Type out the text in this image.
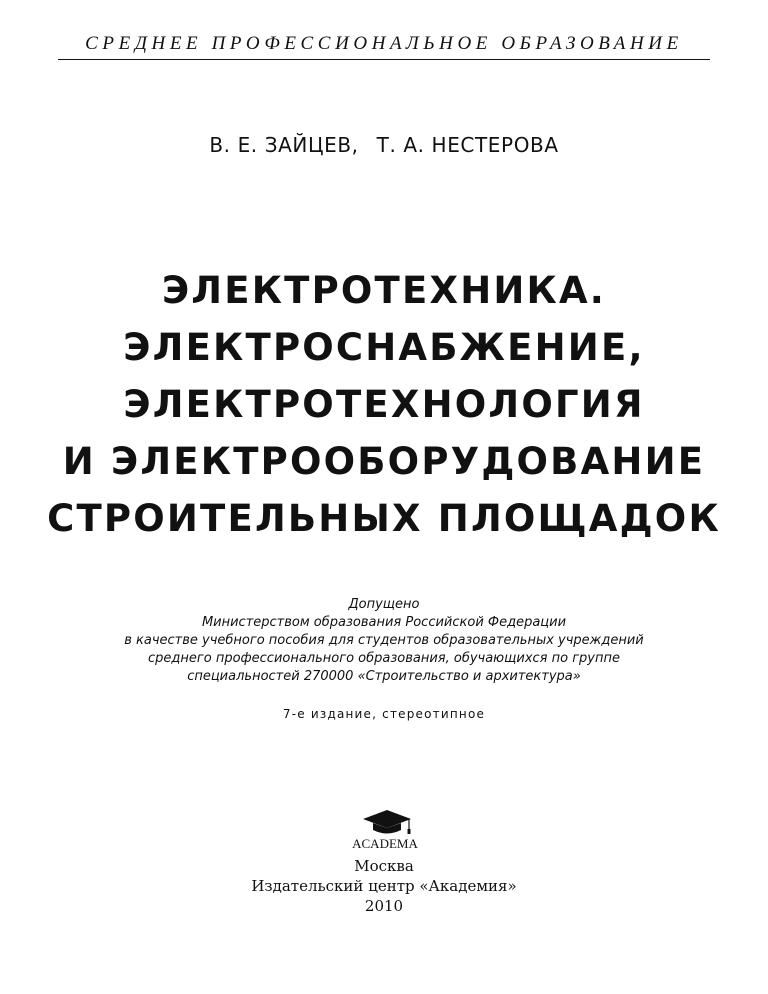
СРЕДНЕЕ ПРОФЕССИОНАЛЬНОЕ ОБРАЗОВАНИЕ
В. Е. ЗАЙЦЕВ, Т. А. НЕСТЕРОВА
ЭЛЕКТРОТЕХНИКА.
ЭЛЕКТРОСНАБЖЕНИЕ,
ЭЛЕКТРОТЕХНОЛОГИЯ
И ЭЛЕКТРООБОРУДОВАНИЕ
СТРОИТЕЛЬНЫХ ПЛОЩАДОК
Допущено
Министерством образования Российской Федерации
в качестве учебного пособия для студентов образовательных учреждений
среднего профессионального образования, обучающихся по группе
специальностей 270000 «Строительство и архитектура»
7-е издание, стереотипное
ACADEMA
Москва
Издательский центр «Академия»
2010
